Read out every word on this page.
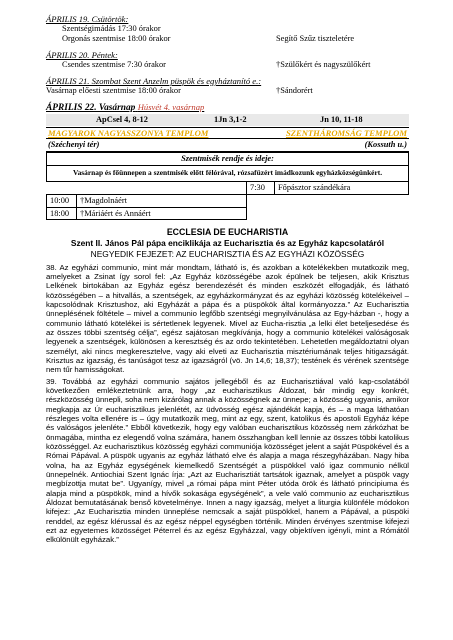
ÁPRILIS 19. Csütörtök:
Szentségimádás 17:30 órakor
Orgonás szentmise 18:00 órakor	Segítő Szűz tiszteletére
ÁPRILIS 20. Péntek:
Csendes szentmise 7:30 órakor	†Szülőkért és nagyszülőkért
ÁPRILIS 21. Szombat Szent Anzelm püspök és egyháztanító e.:
Vasárnap előesti szentmise 18:00 órakor	†Sándorért
ÁPRILIS 22. Vasárnap Húsvét 4. vasárnap
ApCsel 4, 8-12	1Jn 3,1-2	Jn 10, 11-18
MAGYAROK NAGYASSZONYA TEMPLOM	SZENTHÁROMSÁG TEMPLOM
(Széchenyi tér)	(Kossuth u.)
Szentmisék rendje és ideje:			
Vasárnap és főünnepen a szentmisék előtt félórával, rózsafüzért imádkozunk egyházközségünkért.			
		7:30	Főpásztor szándékára
10:00	†Magdolnáért		
18:00	†Máriáért és Annáért		
ECCLESIA DE EUCHARISTIA
Szent II. János Pál pápa enciklikája az Eucharisztia és az Egyház kapcsolatáról
NEGYEDIK FEJEZET: AZ EUCHARISZTIA ÉS AZ EGYHÁZI KÖZÖSSÉG

38. Az egyházi communio, mint már mondtam, látható is, és azokban a kötelékekben mutatkozik meg, amelyeket a Zsinat így sorol fel: „Az Egyház közösségébe azok épülnek be teljesen, akik Krisztus Lelkének birtokában az Egyház egész berendezését és minden eszközét elfogadják, és látható közösségében – a hitvallás, a szentségek, az egyházkormányzat és az egyházi közösség kötelékeivel – kapcsolódnak Krisztushoz, aki Egyházát a pápa és a püspökök által kormányozza.” Az Eucharisztia ünneplésének föltétele – mivel a communio legfőbb szentségi megnyilvánulása az Egy-házban -, hogy a communio látható kötelékei is sértetlenek legyenek. Mivel az Eucha-risztia „a lelki élet beteljesedése és az összes többi szentség célja”, egész sajátosan megkívánja, hogy a communio kötelékei valóságosak legyenek a szentségek, különösen a keresztség és az ordo tekintetében. Lehetetlen megáldoztatni olyan személyt, aki nincs megkeresztelve, vagy aki elveti az Eucharisztia misztériumának teljes hitigazságát. Krisztus az igazság, és tanúságot tesz az igazságról (vö. Jn 14,6; 18,37); testének és vérének szentsége nem tűr hamisságokat.

39. Továbbá az egyházi communio sajátos jellegéből és az Eucharisztiával való kap-csolatából következően emlékeztetnünk arra, hogy „az eucharisztikus Áldozat, bár mindig egy konkrét, részközösség ünnepli, soha nem kizárólag annak a közösségnek az ünnepe; a közösség ugyanis, amikor megkapja az Úr eucharisztikus jelenlétét, az üdvösség egész ajándékát kapja, és – a maga láthatóan részleges volta ellenére is – úgy mutatkozik meg, mint az egy, szent, katolikus és apostoli Egyház képe és valóságos jelenléte.” Ebből következik, hogy egy valóban eucharisztikus közösség nem zárkózhat be önmagába, mintha ez elegendő volna számára, hanem összhangban kell lennie az összes többi katolikus közösséggel. Az eucharisztikus közösség egyházi communiója közösséget jelent a saját Püspökével és a Római Pápával. A püspök ugyanis az egyház látható elve és alapja a maga részegyházában. Nagy hiba volna, ha az Egyház egységének kiemelkedő Szentségét a püspökkel való igaz communio nélkül ünnepelnék. Antiochiai Szent Ignác írja: „Azt az Eucharisztiát tartsátok igaznak, amelyet a püspök vagy megbízottja mutat be”. Ugyanígy, mivel „a római pápa mint Péter utóda örök és látható principiuma és alapja mind a püspökök, mind a hívők sokasága egységének”, a vele való communio az eucharisztikus Áldozat bemutatásának benső követelménye. Innen a nagy igazság, melyet a liturgia különféle módokon kifejez: „Az Eucharisztia minden ünneplése nemcsak a saját püspökkel, hanem a Pápával, a püspöki renddel, az egész klérussal és az egész néppel egységben történik. Minden érvényes szentmise kifejezi ezt az egyetemes közösséget Péterrel és az egész Egyházzal, vagy objektíven igényli, mint a Rómától elkülönült egyházak.”
